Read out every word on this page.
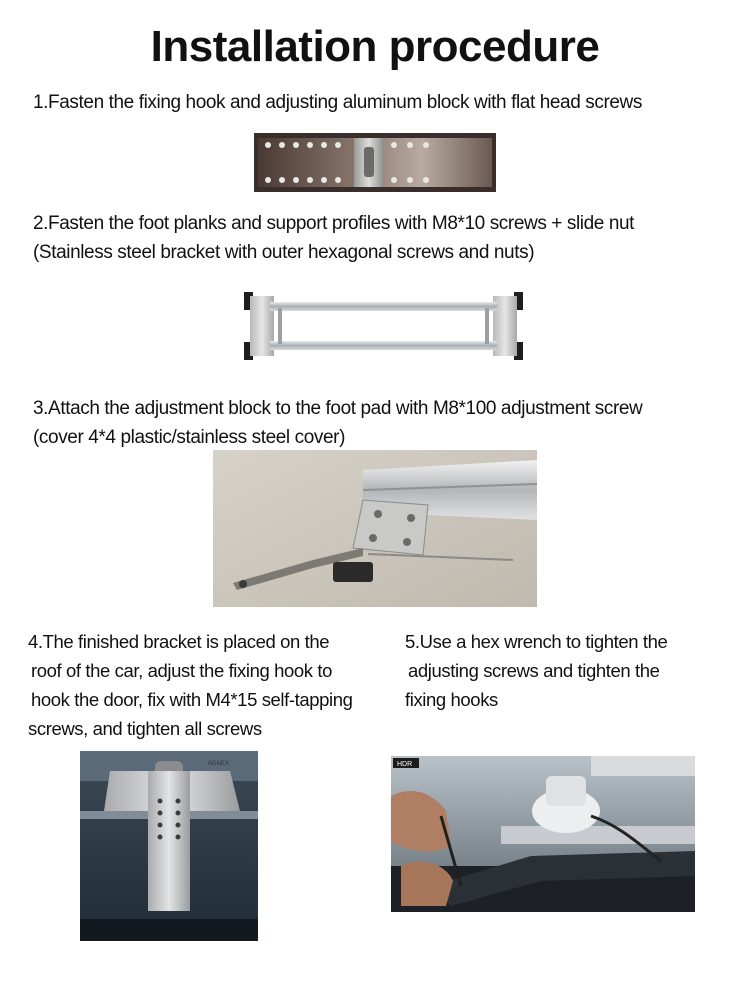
Installation procedure
1.Fasten the fixing hook and adjusting aluminum block with flat head screws
2.Fasten the foot planks and support profiles with M8*10 screws + slide nut
(Stainless steel bracket with outer hexagonal screws and nuts)
3.Attach the adjustment block to the foot pad with M8*100 adjustment screw
(cover 4*4 plastic/stainless steel cover)
4.The finished bracket is placed on the
roof of the car, adjust the fixing hook to
hook the door, fix with M4*15 self-tapping
screws, and tighten all screws
AGNEX
5.Use a hex wrench to tighten the
adjusting screws and tighten the
fixing hooks
HDR
